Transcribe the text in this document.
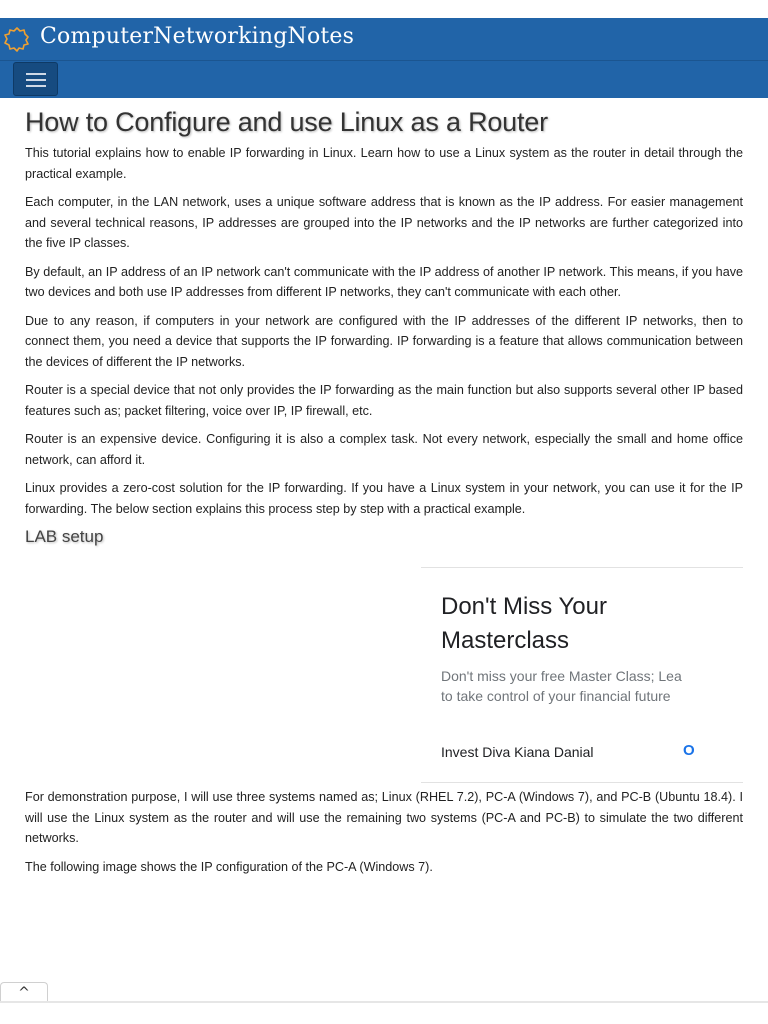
ComputerNetworkingNotes
How to Configure and use Linux as a Router

This tutorial explains how to enable IP forwarding in Linux. Learn how to use a Linux system as the router in detail through the practical example.

Each computer, in the LAN network, uses a unique software address that is known as the IP address. For easier management and several technical reasons, IP addresses are grouped into the IP networks and the IP networks are further categorized into the five IP classes.

By default, an IP address of an IP network can't communicate with the IP address of another IP network. This means, if you have two devices and both use IP addresses from different IP networks, they can't communicate with each other.

Due to any reason, if computers in your network are configured with the IP addresses of the different IP networks, then to connect them, you need a device that supports the IP forwarding. IP forwarding is a feature that allows communication between the devices of different the IP networks.

Router is a special device that not only provides the IP forwarding as the main function but also supports several other IP based features such as; packet filtering, voice over IP, IP firewall, etc.

Router is an expensive device. Configuring it is also a complex task. Not every network, especially the small and home office network, can afford it.

Linux provides a zero-cost solution for the IP forwarding. If you have a Linux system in your network, you can use it for the IP forwarding. The below section explains this process step by step with a practical example.

LAB setup
Don't Miss Your Masterclass
Don't miss your free Master Class; Lea
to take control of your financial future
Invest Diva Kiana Danial	O

For demonstration purpose, I will use three systems named as; Linux (RHEL 7.2), PC-A (Windows 7), and PC-B (Ubuntu 18.4). I will use the Linux system as the router and will use the remaining two systems (PC-A and PC-B) to simulate the two different networks.

The following image shows the IP configuration of the PC-A (Windows 7).

^
